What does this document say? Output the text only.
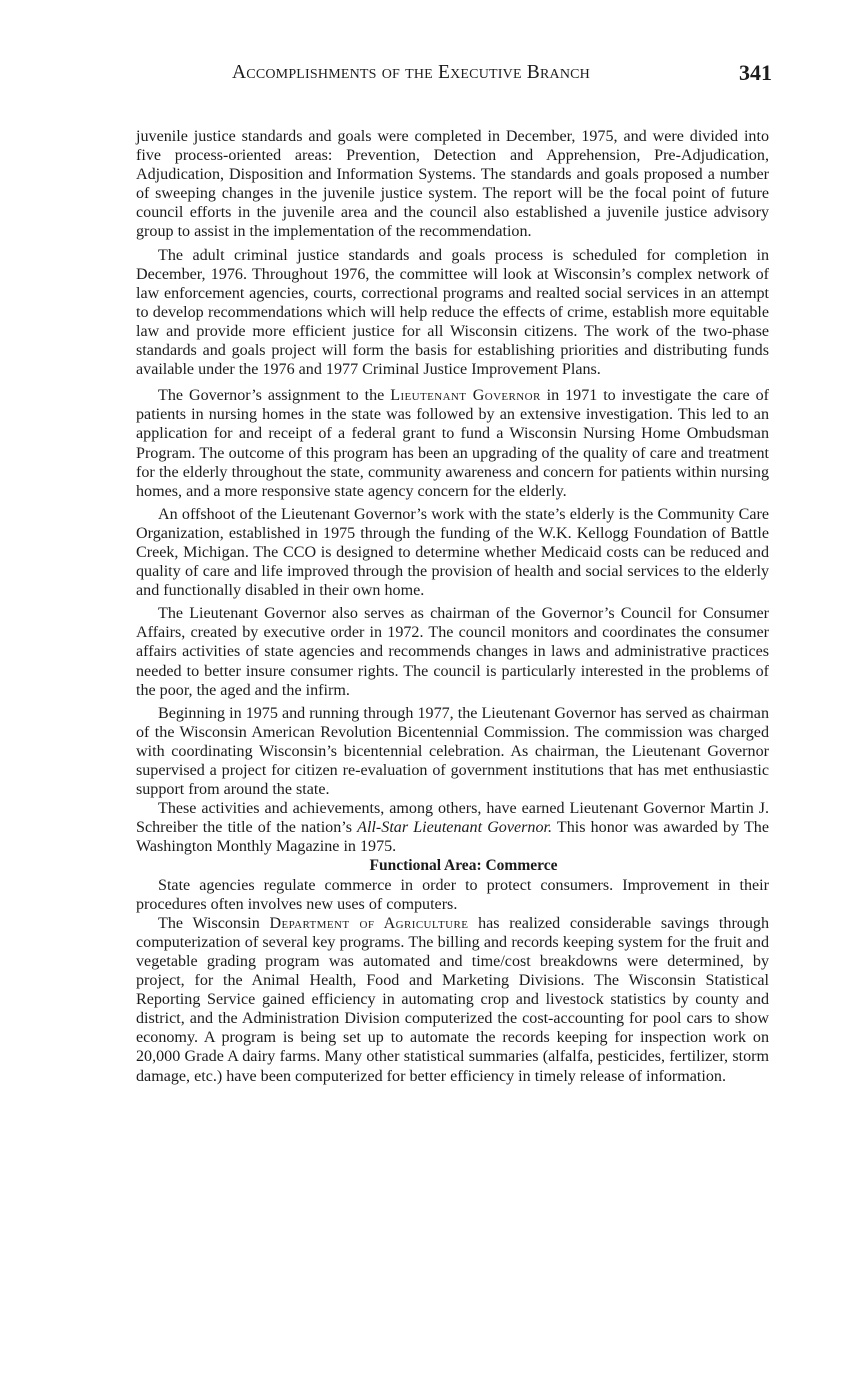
Accomplishments of the Executive Branch	341

juvenile justice standards and goals were completed in December, 1975, and were divided into five process-oriented areas: Prevention, Detection and Apprehension, Pre-Adjudication, Adjudication, Disposition and Information Systems. The standards and goals proposed a number of sweeping changes in the juvenile justice system. The report will be the focal point of future council efforts in the juvenile area and the council also established a juvenile justice advisory group to assist in the implementation of the recommendation.

The adult criminal justice standards and goals process is scheduled for completion in December, 1976. Throughout 1976, the committee will look at Wisconsin’s complex network of law enforcement agencies, courts, correctional programs and realted social services in an attempt to develop recommendations which will help reduce the effects of crime, establish more equitable law and provide more efficient justice for all Wisconsin citizens. The work of the two-phase standards and goals project will form the basis for establishing priorities and distributing funds available under the 1976 and 1977 Criminal Justice Improvement Plans.

The Governor’s assignment to the Lieutenant Governor in 1971 to investigate the care of patients in nursing homes in the state was followed by an extensive investigation. This led to an application for and receipt of a federal grant to fund a Wisconsin Nursing Home Ombudsman Program. The outcome of this program has been an upgrading of the quality of care and treatment for the elderly throughout the state, community awareness and concern for patients within nursing homes, and a more responsive state agency concern for the elderly.

An offshoot of the Lieutenant Governor’s work with the state’s elderly is the Community Care Organization, established in 1975 through the funding of the W.K. Kellogg Foundation of Battle Creek, Michigan. The CCO is designed to determine whether Medicaid costs can be reduced and quality of care and life improved through the provision of health and social services to the elderly and functionally disabled in their own home.

The Lieutenant Governor also serves as chairman of the Governor’s Council for Consumer Affairs, created by executive order in 1972. The council monitors and coordinates the consumer affairs activities of state agencies and recommends changes in laws and administrative practices needed to better insure consumer rights. The council is particularly interested in the problems of the poor, the aged and the infirm.

Beginning in 1975 and running through 1977, the Lieutenant Governor has served as chairman of the Wisconsin American Revolution Bicentennial Commission. The commission was charged with coordinating Wisconsin’s bicentennial celebration. As chairman, the Lieutenant Governor supervised a project for citizen re-evaluation of government institutions that has met enthusiastic support from around the state.

These activities and achievements, among others, have earned Lieutenant Governor Martin J. Schreiber the title of the nation’s All-Star Lieutenant Governor. This honor was awarded by The Washington Monthly Magazine in 1975.

Functional Area: Commerce

State agencies regulate commerce in order to protect consumers. Improvement in their procedures often involves new uses of computers.

The Wisconsin Department of Agriculture has realized considerable savings through computerization of several key programs. The billing and records keeping system for the fruit and vegetable grading program was automated and time/cost breakdowns were determined, by project, for the Animal Health, Food and Marketing Divisions. The Wisconsin Statistical Reporting Service gained efficiency in automating crop and livestock statistics by county and district, and the Administration Division computerized the cost-accounting for pool cars to show economy. A program is being set up to automate the records keeping for inspection work on 20,000 Grade A dairy farms. Many other statistical summaries (alfalfa, pesticides, fertilizer, storm damage, etc.) have been computerized for better efficiency in timely release of information.
